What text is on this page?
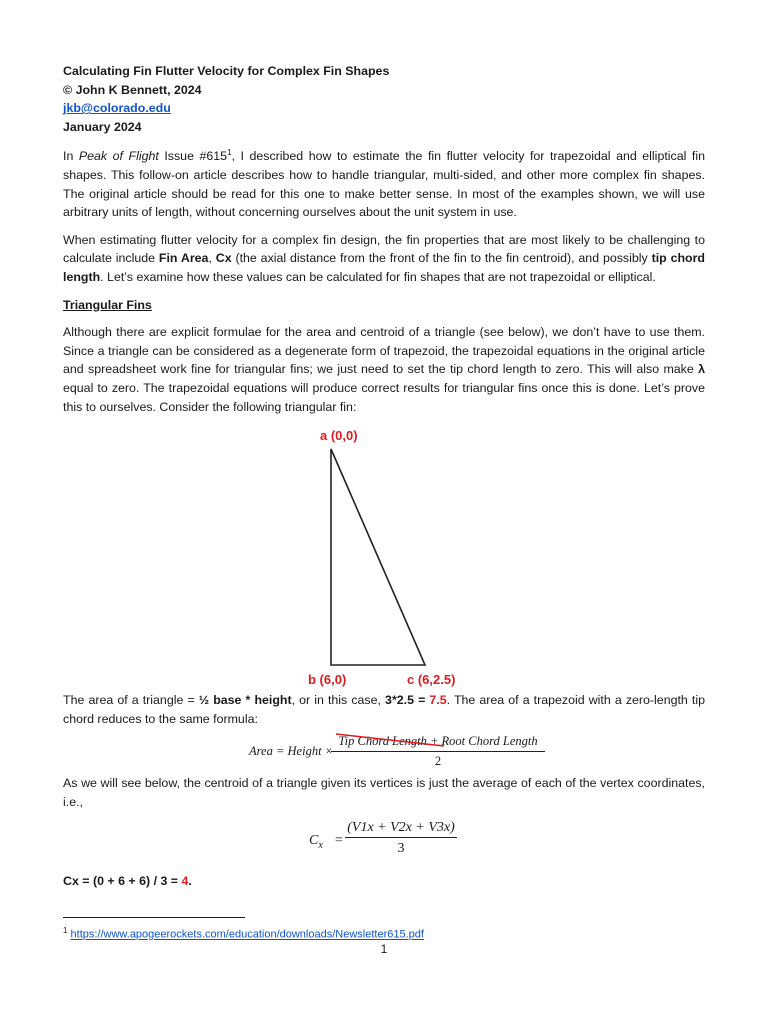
Calculating Fin Flutter Velocity for Complex Fin Shapes
© John K Bennett, 2024
jkb@colorado.edu
January 2024

In Peak of Flight Issue $\#615^1$, I described how to estimate the fin flutter velocity for trapezoidal and elliptical fin shapes. This follow-on article describes how to handle triangular, multi-sided, and other more complex fin shapes. The original article should be read for this one to make better sense. In most of the examples shown, we will use arbitrary units of length, without concerning ourselves about the unit system in use.

When estimating flutter velocity for a complex fin design, the fin properties that are most likely to be challenging to calculate include Fin Area, Cx (the axial distance from the front of the fin to the fin centroid), and possibly tip chord length. Let’s examine how these values can be calculated for fin shapes that are not trapezoidal or elliptical.

Triangular Fins

Although there are explicit formulae for the area and centroid of a triangle (see below), we don’t have to use them. Since a triangle can be considered as a degenerate form of trapezoid, the trapezoidal equations in the original article and spreadsheet work fine for triangular fins; we just need to set the tip chord length to zero. This will also make λ equal to zero. The trapezoidal equations will produce correct results for triangular fins once this is done. Let’s prove this to ourselves. Consider the following triangular fin:

a (0,0)
b (6,0)	c (6,2.5)

The area of a triangle = ½ base * height, or in this case, 3*2.5 = 7.5. The area of a trapezoid with a zero-length tip chord reduces to the same formula:

Area = Height ×
Tip Chord Length
+ Root Chord Length
2

As we will see below, the centroid of a triangle given its vertices is just the average of each of the vertex coordinates, i.e.,

$C_x$ =
(V1x + V2x + V3x)
3

Cx = (0 + 6 + 6) / 3 = 4.

$^1$ https://www.apogeerockets.com/education/downloads/Newsletter615.pdf
1
